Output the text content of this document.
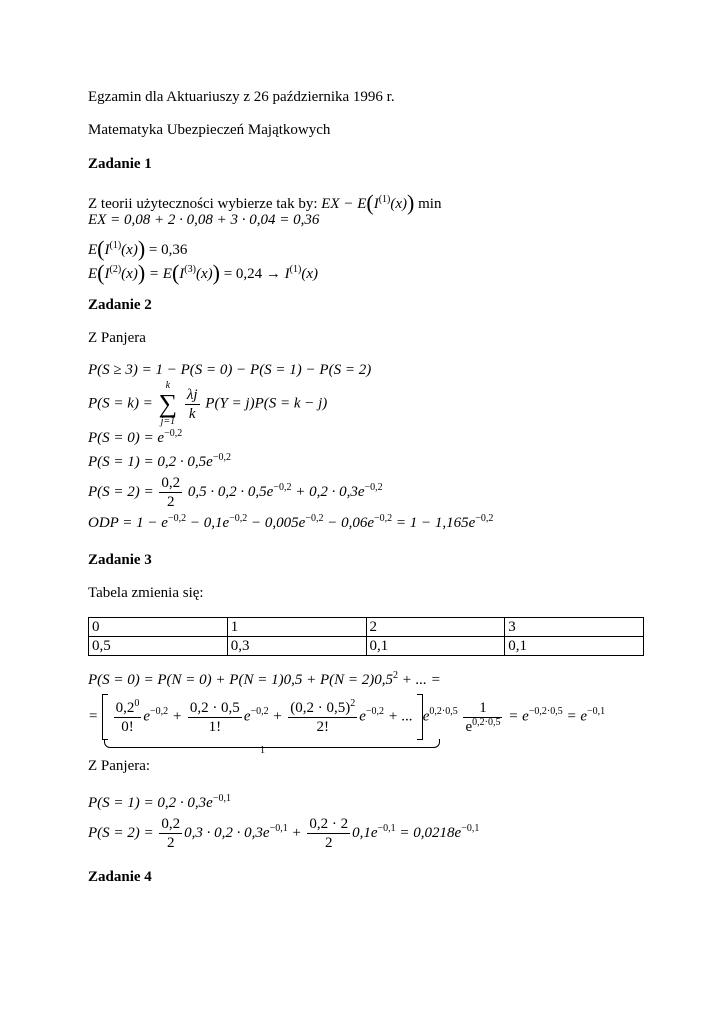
Egzamin dla Aktuariuszy z 26 października 1996 r.
Matematyka Ubezpieczeń Majątkowych
Zadanie 1
Z teorii użyteczności wybierze tak by: EX − $E(I^{(1)}(x))$ min
EX = 0,08 + 2 · 0,08 + 3 · 0,04 = 0,36
$E(I^{(1)}(x)) = 0,36$
$E(I^{(2)}(x)) = E(I^{(3)}(x)) = 0,24 \to I^{(1)}(x)$
Zadanie 2
Z Panjera
P(S ≥ 3) = 1 − P(S = 0) − P(S = 1) − P(S = 2)
P(S = k) =
k
∑
j=1
$\frac{\lambda j}{k} P(Y = j)P(S = k - j)$
$P(S = 0) = e^{-0,2}$
$P(S = 1) = 0,2 \cdot 0,5e^{-0,2}$
$P(S = 2) = \frac{0,2}{2} 0,5 \cdot 0,2 \cdot 0,5e^{-0,2} + 0,2 \cdot 0,3e^{-0,2}$
ODP = $1 - e^{-0,2} - 0,1e^{-0,2} - 0,005e^{-0,2} - 0,06e^{-0,2} = 1 - 1,165e^{-0,2}$
Zadanie 3
Tabela zmienia się:
0	1	2	3
0,5	0,3	0,1	0,1
$P(S = 0) = P(N = 0) + P(N = 1)0,5 + P(N = 2)0,5^2$ + ... =
= $\frac{0,2^0}{0!} e^{-0,2} + \frac{0,2 \cdot 0,5}{1!} e^{-0,2} + \frac{(0,2 \cdot 0,5)^2}{2!} e^{-0,2}$ + ... $e^{0,2\cdot 0,5} \frac{1}{e^{0,2\cdot 0,5}} = e^{-0,2\cdot 0,5} = e^{-0,1}$
1
Z Panjera:
$P(S = 1) = 0,2 \cdot 0,3e^{-0,1}$
$P(S = 2) = \frac{0,2}{2} 0,3 \cdot 0,2 \cdot 0,3e^{-0,1} + \frac{0,2 \cdot 2}{2} 0,1e^{-0,1} = 0,0218e^{-0,1}$
Zadanie 4
